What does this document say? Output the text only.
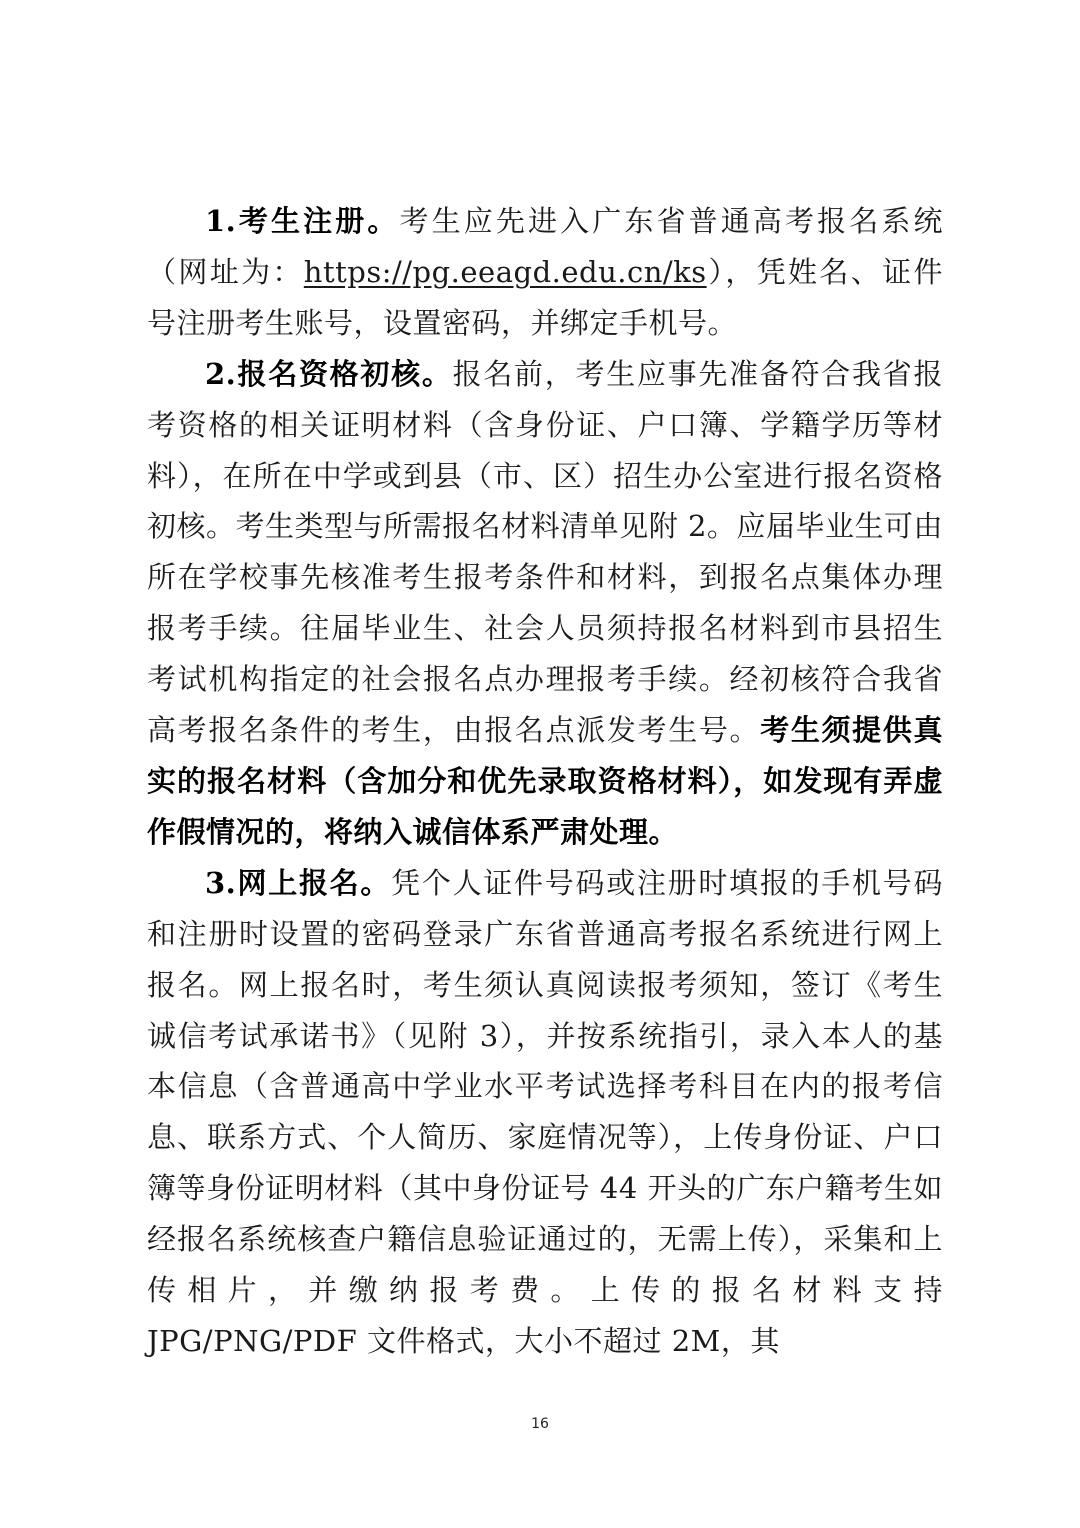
1.考生注册。考生应先进入广东省普通高考报名系统（网址为：https://pg.eeagd.edu.cn/ks），凭姓名、证件号注册考生账号，设置密码，并绑定手机号。

2.报名资格初核。报名前，考生应事先准备符合我省报考资格的相关证明材料（含身份证、户口簿、学籍学历等材料），在所在中学或到县（市、区）招生办公室进行报名资格初核。考生类型与所需报名材料清单见附 2。应届毕业生可由所在学校事先核准考生报考条件和材料，到报名点集体办理报考手续。往届毕业生、社会人员须持报名材料到市县招生考试机构指定的社会报名点办理报考手续。经初核符合我省高考报名条件的考生，由报名点派发考生号。考生须提供真实的报名材料（含加分和优先录取资格材料），如发现有弄虚作假情况的，将纳入诚信体系严肃处理。

3.网上报名。凭个人证件号码或注册时填报的手机号码和注册时设置的密码登录广东省普通高考报名系统进行网上报名。网上报名时，考生须认真阅读报考须知，签订《考生诚信考试承诺书》（见附 3），并按系统指引，录入本人的基本信息（含普通高中学业水平考试选择考科目在内的报考信息、联系方式、个人简历、家庭情况等），上传身份证、户口簿等身份证明材料（其中身份证号 44 开头的广东户籍考生如经报名系统核查户籍信息验证通过的，无需上传），采集和上传相片，并缴纳报考费。上传的报名材料支持 JPG/PNG/PDF 文件格式，大小不超过 2M，其

16
